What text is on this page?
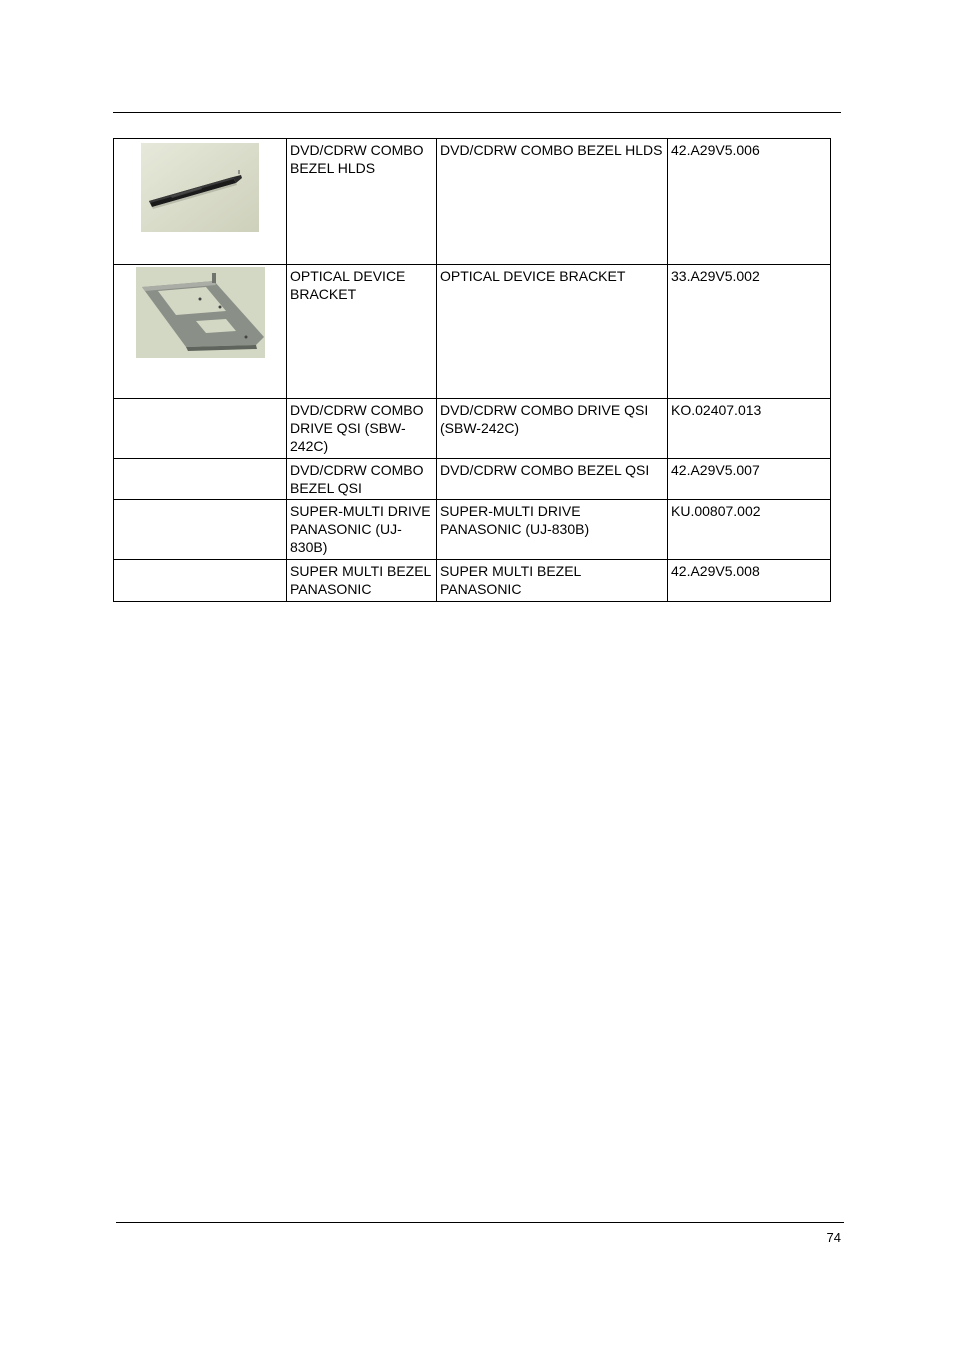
	DVD/CDRW COMBO BEZEL HLDS	DVD/CDRW COMBO BEZEL HLDS	42.A29V5.006

	OPTICAL DEVICE BRACKET	OPTICAL DEVICE BRACKET	33.A29V5.002
	DVD/CDRW COMBO DRIVE QSI (SBW-242C)	DVD/CDRW COMBO DRIVE QSI (SBW-242C)	KO.02407.013
	DVD/CDRW COMBO BEZEL QSI	DVD/CDRW COMBO BEZEL QSI	42.A29V5.007
	SUPER-MULTI DRIVE PANASONIC (UJ-830B)	SUPER-MULTI DRIVE PANASONIC (UJ-830B)	KU.00807.002
	SUPER MULTI BEZEL PANASONIC	SUPER MULTI BEZEL PANASONIC	42.A29V5.008
74
